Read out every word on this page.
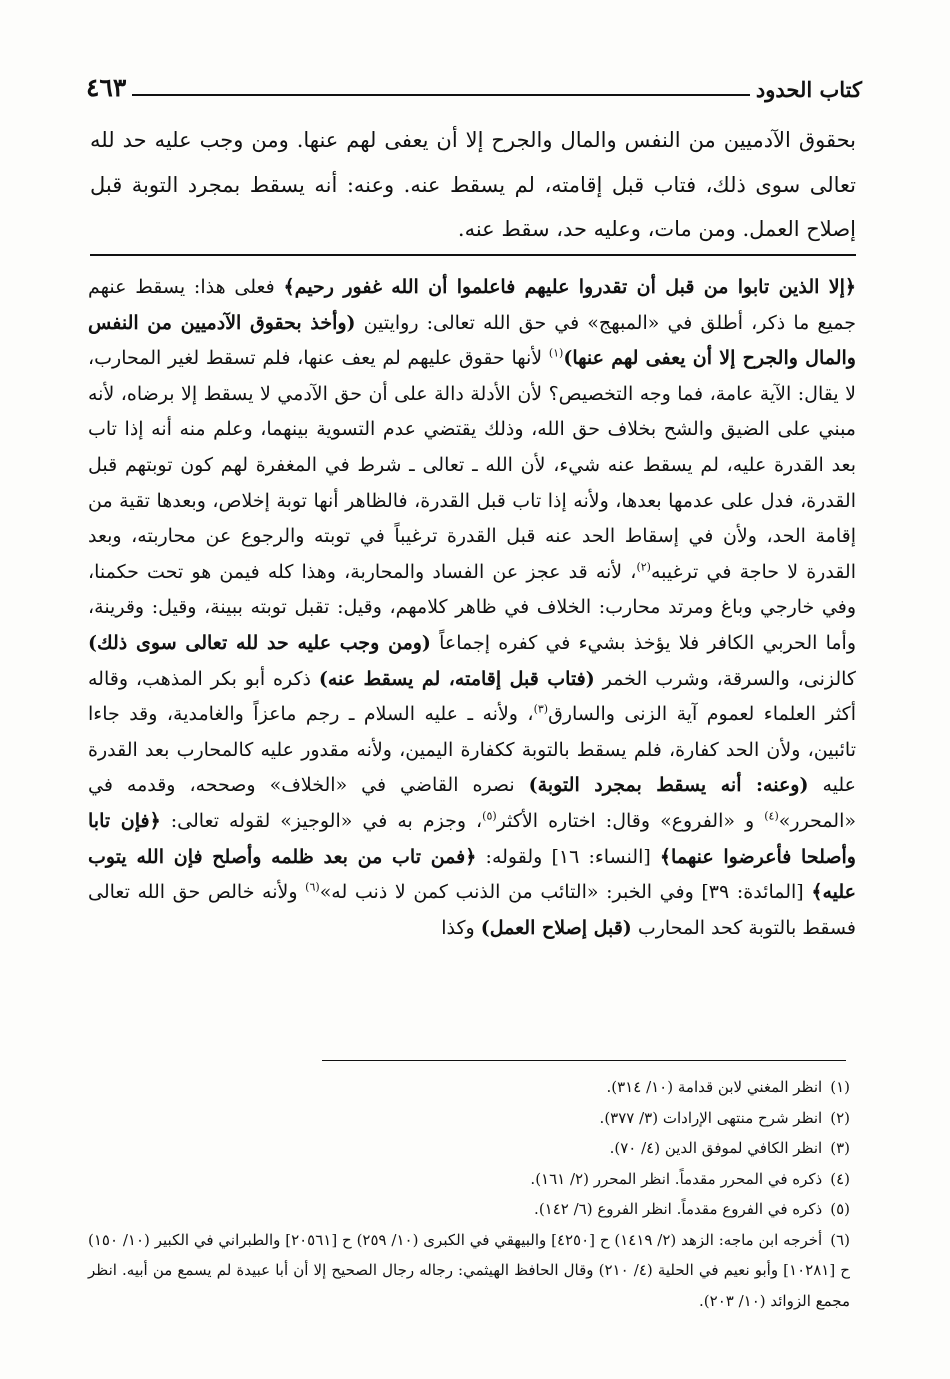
كتاب الحدود
٤٦٣
بحقوق الآدميين من النفس والمال والجرح إلا أن يعفى لهم عنها. ومن وجب عليه حد لله تعالى سوى ذلك، فتاب قبل إقامته، لم يسقط عنه. وعنه: أنه يسقط بمجرد التوبة قبل إصلاح العمل. ومن مات، وعليه حد، سقط عنه.
﴿إلا الذين تابوا من قبل أن تقدروا عليهم فاعلموا أن الله غفور رحيم﴾ فعلى هذا: يسقط عنهم جميع ما ذكر، أطلق في «المبهج» في حق الله تعالى: روايتين (وأخذ بحقوق الآدميين من النفس والمال والجرح إلا أن يعفى لهم عنها)$^{(١)}$ لأنها حقوق عليهم لم يعف عنها، فلم تسقط لغير المحارب، لا يقال: الآية عامة، فما وجه التخصيص؟ لأن الأدلة دالة على أن حق الآدمي لا يسقط إلا برضاه، لأنه مبني على الضيق والشح بخلاف حق الله، وذلك يقتضي عدم التسوية بينهما، وعلم منه أنه إذا تاب بعد القدرة عليه، لم يسقط عنه شيء، لأن الله ـ تعالى ـ شرط في المغفرة لهم كون توبتهم قبل القدرة، فدل على عدمها بعدها، ولأنه إذا تاب قبل القدرة، فالظاهر أنها توبة إخلاص، وبعدها تقية من إقامة الحد، ولأن في إسقاط الحد عنه قبل القدرة ترغيباً في توبته والرجوع عن محاربته، وبعد القدرة لا حاجة في ترغيبه$^{(٢)}$، لأنه قد عجز عن الفساد والمحاربة، وهذا كله فيمن هو تحت حكمنا، وفي خارجي وباغ ومرتد محارب: الخلاف في ظاهر كلامهم، وقيل: تقبل توبته ببينة، وقيل: وقرينة، وأما الحربي الكافر فلا يؤخذ بشيء في كفره إجماعاً (ومن وجب عليه حد لله تعالى سوى ذلك) كالزنى، والسرقة، وشرب الخمر (فتاب قبل إقامته، لم يسقط عنه) ذكره أبو بكر المذهب، وقاله أكثر العلماء لعموم آية الزنى والسارق$^{(٣)}$، ولأنه ـ عليه السلام ـ رجم ماعزاً والغامدية، وقد جاءا تائبين، ولأن الحد كفارة، فلم يسقط بالتوبة ككفارة اليمين، ولأنه مقدور عليه كالمحارب بعد القدرة عليه (وعنه: أنه يسقط بمجرد التوبة) نصره القاضي في «الخلاف» وصححه، وقدمه في «المحرر»$^{(٤)}$ و «الفروع» وقال: اختاره الأكثر$^{(٥)}$، وجزم به في «الوجيز» لقوله تعالى: ﴿فإن تابا وأصلحا فأعرضوا عنهما﴾ [النساء: ١٦] ولقوله: ﴿فمن تاب من بعد ظلمه وأصلح فإن الله يتوب عليه﴾ [المائدة: ٣٩] وفي الخبر: «التائب من الذنب كمن لا ذنب له»$^{(٦)}$ ولأنه خالص حق الله تعالى فسقط بالتوبة كحد المحارب (قبل إصلاح العمل) وكذا
(١)انظر المغني لابن قدامة (١٠/ ٣١٤).
(٢)انظر شرح منتهى الإرادات (٣/ ٣٧٧).
(٣)انظر الكافي لموفق الدين (٤/ ٧٠).
(٤)ذكره في المحرر مقدماً. انظر المحرر (٢/ ١٦١).
(٥)ذكره في الفروع مقدماً. انظر الفروع (٦/ ١٤٢).
(٦)أخرجه ابن ماجه: الزهد (٢/ ١٤١٩) ح [٤٢٥٠] والبيهقي في الكبرى (١٠/ ٢٥٩) ح [٢٠٥٦١] والطبراني في الكبير (١٠/ ١٥٠) ح [١٠٢٨١] وأبو نعيم في الحلية (٤/ ٢١٠) وقال الحافظ الهيثمي: رجاله رجال الصحيح إلا أن أبا عبيدة لم يسمع من أبيه. انظر مجمع الزوائد (١٠/ ٢٠٣).
